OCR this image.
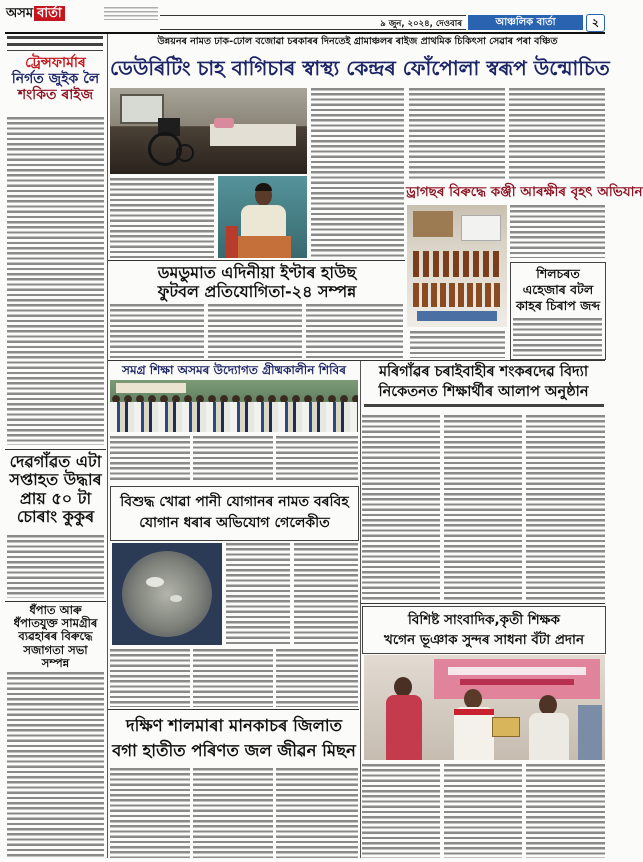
অসম বাৰ্তা
৯ জুন, ২০২৪, দেওবাৰ	আঞ্চলিক বাৰ্তা	২
ট্ৰেন্সফাৰ্মাৰ
নিৰ্গত জুইক লৈ
শংকিত ৰাইজ
দেৱগাঁৱত এটা
সপ্তাহত উদ্ধাৰ
প্ৰায় ৫০ টা
চোৰাং কুকুৰ
ধঁপাত আৰু
ধঁপাতযুক্ত সামগ্ৰীৰ
ব্যৱহাৰৰ বিৰুদ্ধে
সজাগতা সভা
সম্পন্ন
উন্নয়নৰ নামত ঢাক-ঢোল বজোৱা চৰকাৰৰ দিনতেই গ্ৰামাঞ্চলৰ ৰাইজ প্ৰাথমিক চিকিৎসা সেৱাৰ পৰা বঞ্চিত
ডেউৰিটিং চাহ বাগিচাৰ স্বাস্থ্য কেন্দ্ৰৰ ফোঁপোলা স্বৰূপ উন্মোচিত
ড্ৰাগছৰ বিৰুদ্ধে কঞ্জী আৰক্ষীৰ বৃহৎ অভিযান
শিলচৰত
এহেজাৰ বটল
কাহৰ চিৰাপ জব্দ
ডমডুমাত এদিনীয়া ইণ্টাৰ হাউছ
ফুটবল প্ৰতিযোগিতা-২৪ সম্পন্ন
সমগ্ৰ শিক্ষা অসমৰ উদ্যোগত গ্ৰীষ্মকালীন শিবিৰ
বিশুদ্ধ খোৱা পানী যোগানৰ নামত বৰবিহ
যোগান ধৰাৰ অভিযোগ গেলেকীত
দক্ষিণ শালমাৰা মানকাচৰ জিলাত
বগা হাতীত পৰিণত জল জীৱন মিছন
মৰিগাঁৱৰ চৰাইবাহীৰ শংকৰদেৱ বিদ্যা
নিকেতনত শিক্ষাৰ্থীৰ আলাপ অনুষ্ঠান
বিশিষ্ট সাংবাদিক,কৃতী শিক্ষক
খগেন ভূঞাক সুন্দৰ সাধনা বঁটা প্ৰদান
